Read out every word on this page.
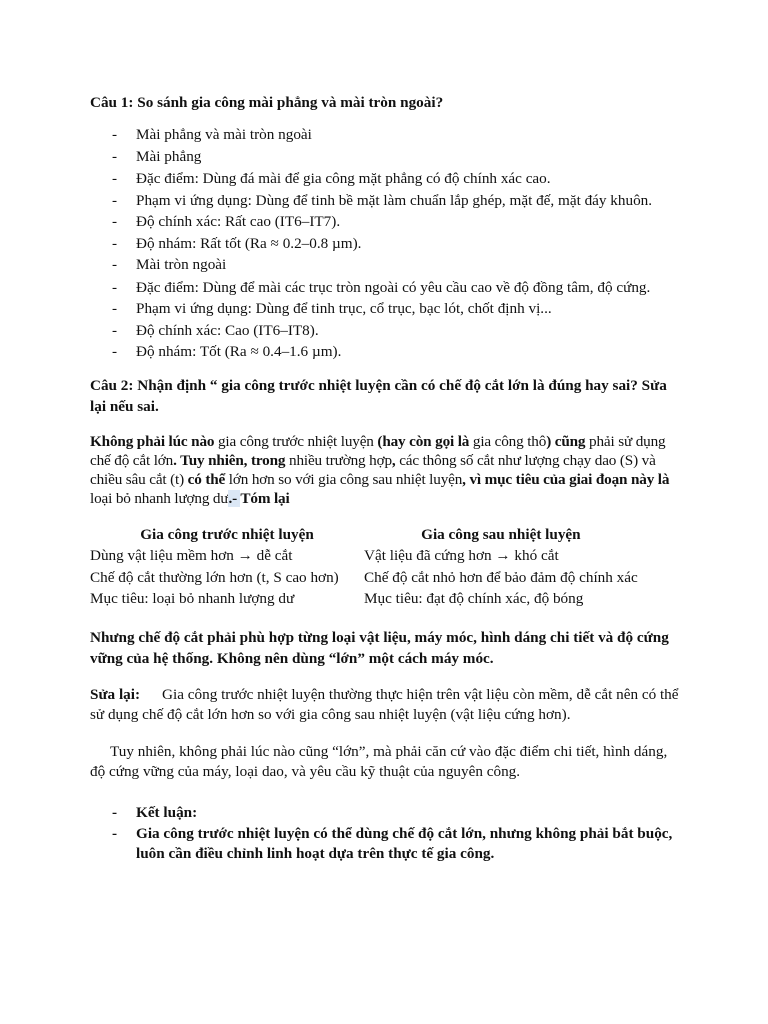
Câu 1: So sánh gia công mài phẳng và mài tròn ngoài?
- Mài phẳng và mài tròn ngoài
- Mài phẳng
- Đặc điểm: Dùng đá mài để gia công mặt phẳng có độ chính xác cao.
- Phạm vi ứng dụng: Dùng để tinh bề mặt làm chuẩn lắp ghép, mặt đế, mặt đáy khuôn.
- Độ chính xác: Rất cao (IT6–IT7).
- Độ nhám: Rất tốt (Ra ≈ 0.2–0.8 µm).
- Mài tròn ngoài
- Đặc điểm: Dùng để mài các trục tròn ngoài có yêu cầu cao về độ đồng tâm, độ cứng.
- Phạm vi ứng dụng: Dùng để tinh trục, cổ trục, bạc lót, chốt định vị...
- Độ chính xác: Cao (IT6–IT8).
- Độ nhám: Tốt (Ra ≈ 0.4–1.6 µm).
Câu 2: Nhận định “ gia công trước nhiệt luyện cần có chế độ cắt lớn là đúng hay sai? Sửa lại nếu sai.

Không phải lúc nào gia công trước nhiệt luyện (hay còn gọi là gia công thô) cũng phải sử dụng chế độ cắt lớn. Tuy nhiên, trong nhiều trường hợp, các thông số cắt như lượng chạy dao (S) và chiều sâu cắt (t) có thể lớn hơn so với gia công sau nhiệt luyện, vì mục tiêu của giai đoạn này là loại bỏ nhanh lượng dư.- Tóm lại

Gia công trước nhiệt luyện	Gia công sau nhiệt luyện
Dùng vật liệu mềm hơn → dễ cắt	Vật liệu đã cứng hơn → khó cắt
Chế độ cắt thường lớn hơn (t, S cao hơn)	Chế độ cắt nhỏ hơn để bảo đảm độ chính xác
Mục tiêu: loại bỏ nhanh lượng dư	Mục tiêu: đạt độ chính xác, độ bóng
Nhưng chế độ cắt phải phù hợp từng loại vật liệu, máy móc, hình dáng chi tiết và độ cứng vững của hệ thống. Không nên dùng “lớn” một cách máy móc.

Sửa lại: Gia công trước nhiệt luyện thường thực hiện trên vật liệu còn mềm, dễ cắt nên có thể sử dụng chế độ cắt lớn hơn so với gia công sau nhiệt luyện (vật liệu cứng hơn).

Tuy nhiên, không phải lúc nào cũng “lớn”, mà phải căn cứ vào đặc điểm chi tiết, hình dáng, độ cứng vững của máy, loại dao, và yêu cầu kỹ thuật của nguyên công.

- Kết luận:
- Gia công trước nhiệt luyện có thể dùng chế độ cắt lớn, nhưng không phải bắt buộc, luôn cần điều chỉnh linh hoạt dựa trên thực tế gia công.
